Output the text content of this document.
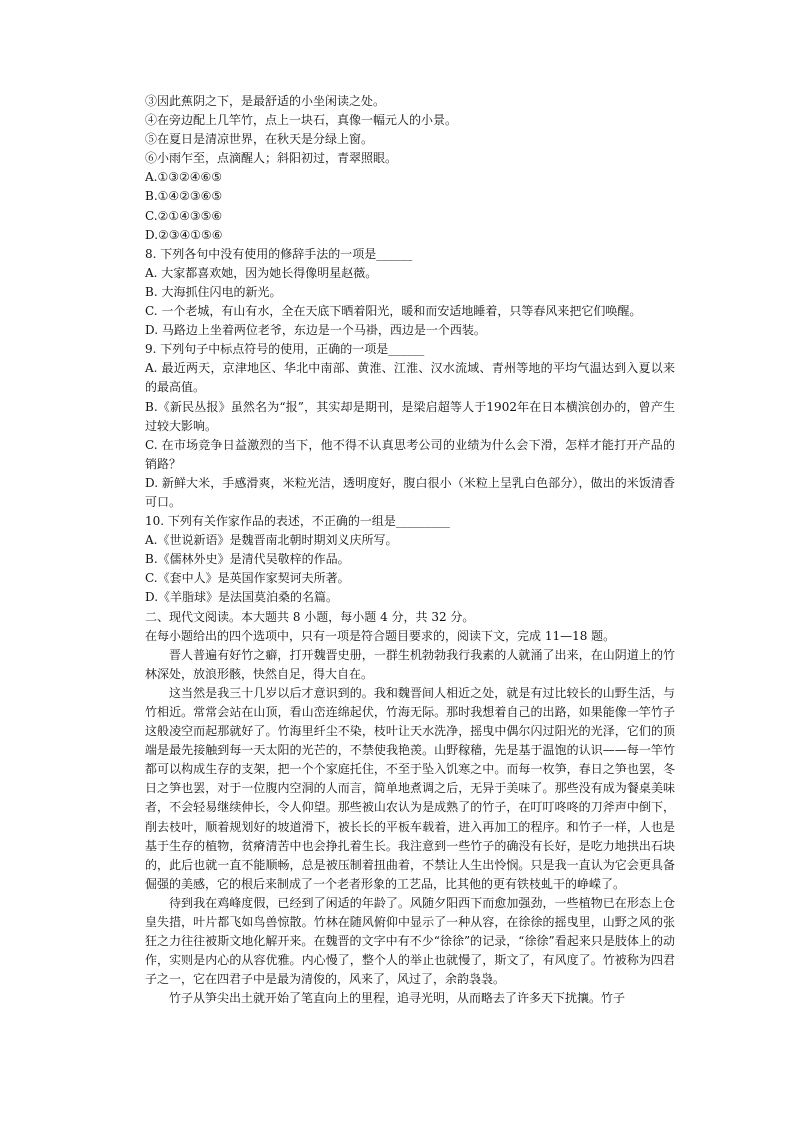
③因此蕉阴之下，是最舒适的小坐闲读之处。

④在旁边配上几竿竹，点上一块石，真像一幅元人的小景。

⑤在夏日是清凉世界，在秋天是分绿上窗。

⑥小雨乍至，点滴醒人；斜阳初过，青翠照眼。

A.①③②④⑥⑤

B.①④②③⑥⑤

C.②①④③⑤⑥

D.②③④①⑤⑥

8. 下列各句中没有使用的修辞手法的一项是______

A. 大家都喜欢她，因为她长得像明星赵薇。

B. 大海抓住闪电的新光。

C. 一个老城，有山有水，全在天底下晒着阳光，暖和而安适地睡着，只等春风来把它们唤醒。

D. 马路边上坐着两位老爷，东边是一个马褂，西边是一个西装。

9. 下列句子中标点符号的使用，正确的一项是______

A. 最近两天，京津地区、华北中南部、黄淮、江淮、汉水流域、青州等地的平均气温达到入夏以来的最高值。

B.《新民丛报》虽然名为“报”，其实却是期刊，是梁启超等人于1902年在日本横滨创办的，曾产生过较大影响。

C. 在市场竞争日益激烈的当下，他不得不认真思考公司的业绩为什么会下滑，怎样才能打开产品的销路？

D. 新鲜大米，手感滑爽，米粒光洁，透明度好，腹白很小（米粒上呈乳白色部分），做出的米饭清香可口。

10. 下列有关作家作品的表述，不正确的一组是_________

A.《世说新语》是魏晋南北朝时期刘义庆所写。

B.《儒林外史》是清代吴敬梓的作品。

C.《套中人》是英国作家契诃夫所著。

D.《羊脂球》是法国莫泊桑的名篇。

二、现代文阅读。本大题共 8 小题，每小题 4 分，共 32 分。

在每小题给出的四个选项中，只有一项是符合题目要求的，阅读下文，完成 11—18 题。

晋人普遍有好竹之癖，打开魏晋史册，一群生机勃勃我行我素的人就涌了出来，在山阴道上的竹林深处，放浪形骸，快然自足，得大自在。

这当然是我三十几岁以后才意识到的。我和魏晋间人相近之处，就是有过比较长的山野生活，与竹相近。常常会站在山顶，看山峦连绵起伏，竹海无际。那时我想着自己的出路，如果能像一竿竹子这般凌空而起那就好了。竹海里纤尘不染，枝叶让天水洗净，摇曳中偶尔闪过阳光的光泽，它们的顶端是最先接触到每一天太阳的光芒的，不禁使我艳羡。山野稼穑，先是基于温饱的认识——每一竿竹都可以构成生存的支架，把一个个家庭托住，不至于坠入饥寒之中。而每一枚笋，春日之笋也罢，冬日之笋也罢，对于一位腹内空洞的人而言，简单地煮调之后，无异于美味了。那些没有成为餐桌美味者，不会轻易继续伸长，令人仰望。那些被山农认为是成熟了的竹子，在叮叮咚咚的刀斧声中倒下，削去枝叶，顺着规划好的坡道滑下，被长长的平板车载着，进入再加工的程序。和竹子一样，人也是基于生存的植物，贫瘠清苦中也会挣扎着生长。我注意到一些竹子的确没有长好，是吃力地拱出石块的，此后也就一直不能顺畅，总是被压制着扭曲着，不禁让人生出怜悯。只是我一直认为它会更具备倔强的美感，它的根后来制成了一个老者形象的工艺品，比其他的更有铁枝虬干的峥嵘了。

待到我在鸡峰度假，已经到了闲适的年龄了。风随夕阳西下而愈加强劲，一些植物已在形态上仓皇失措，叶片都飞如鸟兽惊散。竹林在随风俯仰中显示了一种从容，在徐徐的摇曳里，山野之风的张狂之力往往被斯文地化解开来。在魏晋的文字中有不少“徐徐”的记录，“徐徐”看起来只是肢体上的动作，实则是内心的从容优雅。内心慢了，整个人的举止也就慢了，斯文了，有风度了。竹被称为四君子之一，它在四君子中是最为清俊的，风来了，风过了，余韵袅袅。

竹子从笋尖出土就开始了笔直向上的里程，追寻光明，从而略去了许多天下扰攘。竹子
